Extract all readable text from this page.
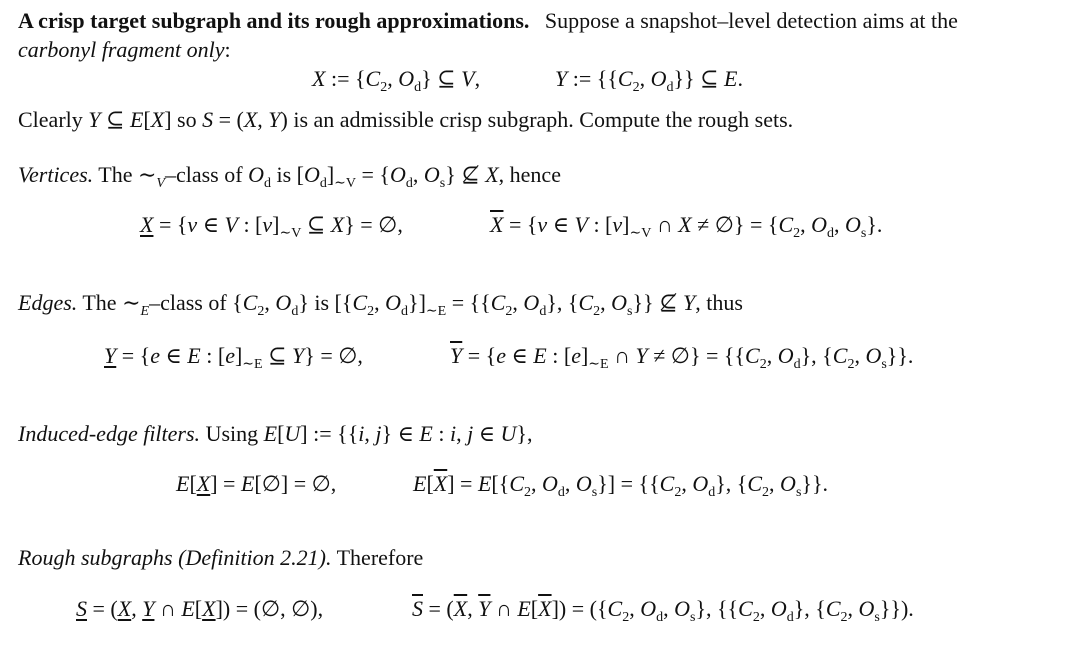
A crisp target subgraph and its rough approximations. Suppose a snapshot–level detection aims at the
carbonyl fragment only:
X := {$C_2$, $O_d$} ⊆ V,	Y := {{$C_2$, $O_d$}} ⊆ E.
Clearly Y ⊆ E[X] so S = (X, Y) is an admissible crisp subgraph. Compute the rough sets.
Vertices. The $\sim_V$–class of $O_d$ is $[O_d]_{\sim V} = \{O_d$, $O_s$} ⊈ X, hence
X = {v ∈ V : $[v]_{\sim V}$ ⊆ X} = ∅,	$\overline{X} = \{v$ ∈ V : $[v]_{\sim V}$ ∩ X ≠ ∅} = {$C_2$, $O_d$, $O_s$}.
Edges. The $\sim_E$–class of {$C_2$, $O_d$} is [{$C_2$, $O_d\}]_{\sim E} = \{\{C_2$, $O_d$}, {$C_2$, $O_s$}} ⊈ Y, thus
Y = {e ∈ E : $[e]_{\sim E}$ ⊆ Y} = ∅,	$\overline{Y} = \{e$ ∈ E : $[e]_{\sim E}$ ∩ Y ≠ ∅} = {{$C_2$, $O_d$}, {$C_2$, $O_s$}}.
Induced-edge filters. Using E[U] := {{i, j} ∈ E : i, j ∈ U},
E[X] = E[∅] = ∅,	$E[\overline{X}] = E[\{C_2$, $O_d$, $O_s\}] = \{\{C_2$, $O_d$}, {$C_2$, $O_s$}}.
Rough subgraphs (Definition 2.21). Therefore
S = (X, Y ∩ E[X]) = (∅, ∅),	$\overline{S} = (\overline{X}$, $\overline{Y}$ ∩ $E[\overline{X}]) = (\{C_2$, $O_d$, $O_s$}, {{$C_2$, $O_d$}, {$C_2$, $O_s$}}).
